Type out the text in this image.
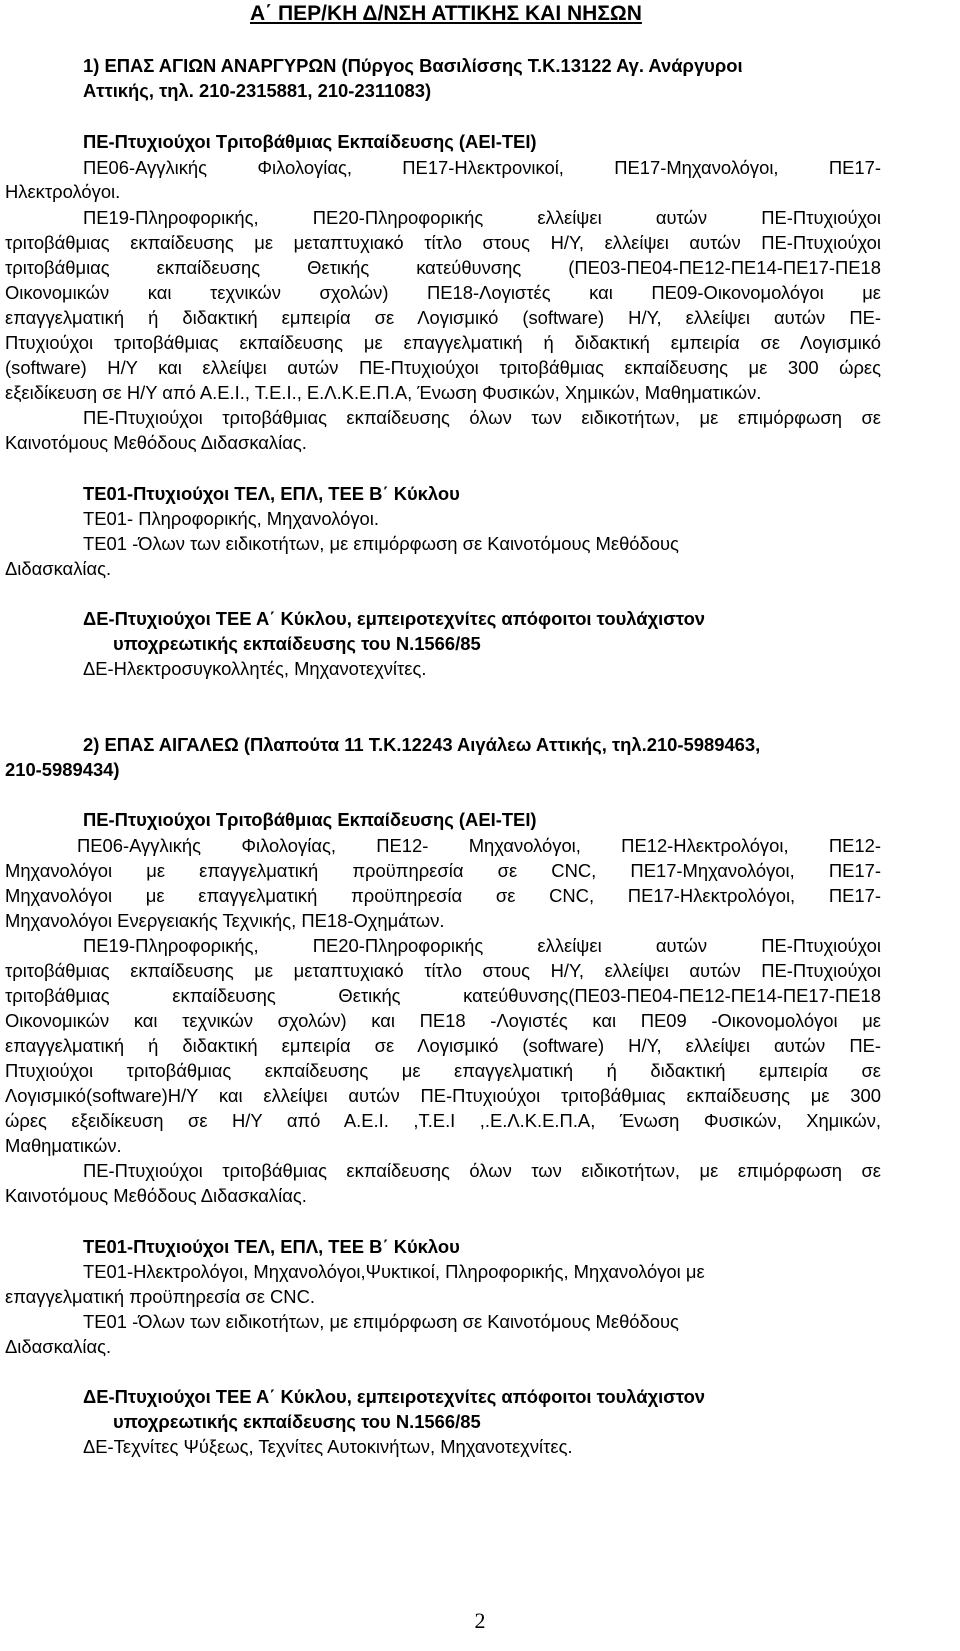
Α΄ ΠΕΡ/ΚΗ Δ/ΝΣΗ ΑΤΤΙΚΗΣ ΚΑΙ ΝΗΣΩΝ
1) ΕΠΑΣ ΑΓΙΩΝ ΑΝΑΡΓΥΡΩΝ (Πύργος Βασιλίσσης Τ.Κ.13122 Αγ. Ανάργυροι
Αττικής, τηλ. 210-2315881, 210-2311083)
ΠΕ-Πτυχιούχοι Τριτοβάθμιας Εκπαίδευσης (ΑΕΙ-ΤΕΙ)
ΠΕ06-Αγγλικής Φιλολογίας, ΠΕ17-Ηλεκτρονικοί, ΠΕ17-Μηχανολόγοι, ΠΕ17-
Ηλεκτρολόγοι.
ΠΕ19-Πληροφορικής, ΠΕ20-Πληροφορικής ελλείψει αυτών ΠΕ-Πτυχιούχοι
τριτοβάθμιας εκπαίδευσης με μεταπτυχιακό τίτλο στους Η/Υ, ελλείψει αυτών ΠΕ-Πτυχιούχοι
τριτοβάθμιας εκπαίδευσης Θετικής κατεύθυνσης (ΠΕ03-ΠΕ04-ΠΕ12-ΠΕ14-ΠΕ17-ΠΕ18
Οικονομικών και τεχνικών σχολών) ΠΕ18-Λογιστές και ΠΕ09-Οικονομολόγοι με
επαγγελματική ή διδακτική εμπειρία σε Λογισμικό (software) Η/Υ, ελλείψει αυτών ΠΕ-
Πτυχιούχοι τριτοβάθμιας εκπαίδευσης με επαγγελματική ή διδακτική εμπειρία σε Λογισμικό
(software) Η/Υ και ελλείψει αυτών ΠΕ-Πτυχιούχοι τριτοβάθμιας εκπαίδευσης με 300 ώρες
εξειδίκευση σε Η/Υ από Α.Ε.Ι., Τ.Ε.Ι., Ε.Λ.Κ.Ε.Π.Α, Ένωση Φυσικών, Χημικών, Μαθηματικών.
ΠΕ-Πτυχιούχοι τριτοβάθμιας εκπαίδευσης όλων των ειδικοτήτων, με επιμόρφωση σε
Καινοτόμους Μεθόδους Διδασκαλίας.
ΤΕ01-Πτυχιούχοι ΤΕΛ, ΕΠΛ, ΤΕΕ Β΄ Κύκλου
ΤΕ01- Πληροφορικής, Μηχανολόγοι.
ΤΕ01 -Όλων των ειδικοτήτων, με επιμόρφωση σε Καινοτόμους Μεθόδους
Διδασκαλίας.
ΔΕ-Πτυχιούχοι ΤΕΕ Α΄ Κύκλου, εμπειροτεχνίτες απόφοιτοι τουλάχιστον
υποχρεωτικής εκπαίδευσης του Ν.1566/85
ΔΕ-Ηλεκτροσυγκολλητές, Μηχανοτεχνίτες.
2) ΕΠΑΣ ΑΙΓΑΛΕΩ (Πλαπούτα 11 Τ.Κ.12243 Αιγάλεω Αττικής, τηλ.210-5989463,
210-5989434)
ΠΕ-Πτυχιούχοι Τριτοβάθμιας Εκπαίδευσης (ΑΕΙ-ΤΕΙ)
ΠΕ06-Αγγλικής Φιλολογίας, ΠΕ12- Μηχανολόγοι, ΠΕ12-Ηλεκτρολόγοι, ΠΕ12-
Μηχανολόγοι με επαγγελματική προϋπηρεσία σε CNC, ΠΕ17-Μηχανολόγοι, ΠΕ17-
Μηχανολόγοι με επαγγελματική προϋπηρεσία σε CNC, ΠΕ17-Ηλεκτρολόγοι, ΠΕ17-
Μηχανολόγοι Ενεργειακής Τεχνικής, ΠΕ18-Οχημάτων.
ΠΕ19-Πληροφορικής, ΠΕ20-Πληροφορικής ελλείψει αυτών ΠΕ-Πτυχιούχοι
τριτοβάθμιας εκπαίδευσης με μεταπτυχιακό τίτλο στους Η/Υ, ελλείψει αυτών ΠΕ-Πτυχιούχοι
τριτοβάθμιας εκπαίδευσης Θετικής κατεύθυνσης(ΠΕ03-ΠΕ04-ΠΕ12-ΠΕ14-ΠΕ17-ΠΕ18
Οικονομικών και τεχνικών σχολών) και ΠΕ18 -Λογιστές και ΠΕ09 -Οικονομολόγοι με
επαγγελματική ή διδακτική εμπειρία σε Λογισμικό (software) Η/Υ, ελλείψει αυτών ΠΕ-
Πτυχιούχοι τριτοβάθμιας εκπαίδευσης με επαγγελματική ή διδακτική εμπειρία σε
Λογισμικό(software)Η/Υ και ελλείψει αυτών ΠΕ-Πτυχιούχοι τριτοβάθμιας εκπαίδευσης με 300
ώρες εξειδίκευση σε Η/Υ από Α.Ε.Ι. ,Τ.Ε.Ι ,.Ε.Λ.Κ.Ε.Π.Α, Ένωση Φυσικών, Χημικών,
Μαθηματικών.
ΠΕ-Πτυχιούχοι τριτοβάθμιας εκπαίδευσης όλων των ειδικοτήτων, με επιμόρφωση σε
Καινοτόμους Μεθόδους Διδασκαλίας.
ΤΕ01-Πτυχιούχοι ΤΕΛ, ΕΠΛ, ΤΕΕ Β΄ Κύκλου
ΤΕ01-Ηλεκτρολόγοι, Μηχανολόγοι,Ψυκτικοί, Πληροφορικής, Μηχανολόγοι με
επαγγελματική προϋπηρεσία σε CNC.
ΤΕ01 -Όλων των ειδικοτήτων, με επιμόρφωση σε Καινοτόμους Μεθόδους
Διδασκαλίας.
ΔΕ-Πτυχιούχοι ΤΕΕ Α΄ Κύκλου, εμπειροτεχνίτες απόφοιτοι τουλάχιστον
υποχρεωτικής εκπαίδευσης του Ν.1566/85
ΔΕ-Τεχνίτες Ψύξεως, Τεχνίτες Αυτοκινήτων, Μηχανοτεχνίτες.
2
